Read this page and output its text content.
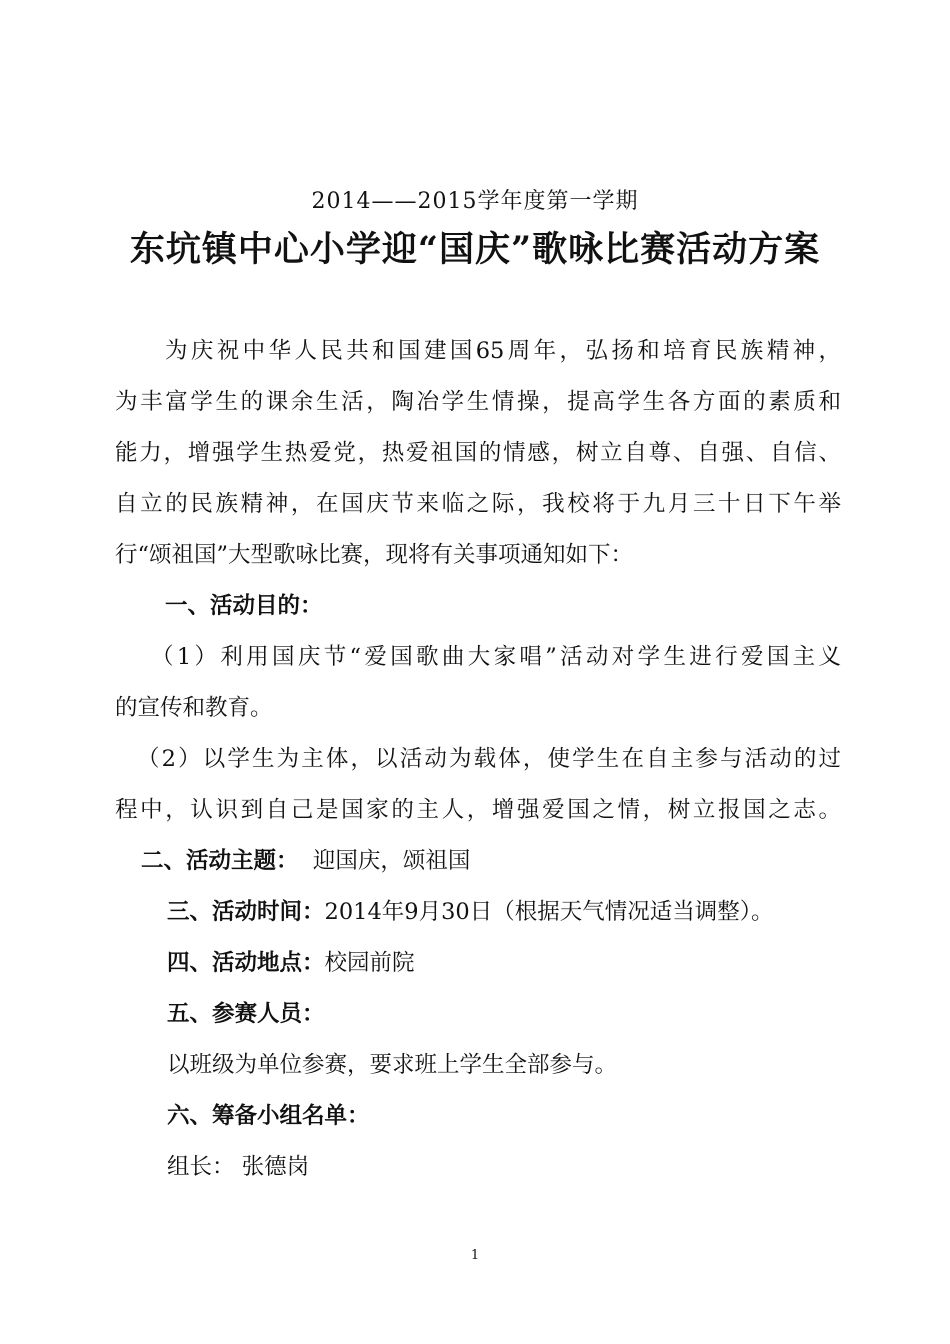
2014——2015学年度第一学期
东坑镇中心小学迎“国庆”歌咏比赛活动方案
为庆祝中华人民共和国建国65周年，弘扬和培育民族精神，
为丰富学生的课余生活，陶冶学生情操，提高学生各方面的素质和
能力，增强学生热爱党，热爱祖国的情感，树立自尊、自强、自信、
自立的民族精神，在国庆节来临之际，我校将于九月三十日下午举
行“颂祖国”大型歌咏比赛，现将有关事项通知如下：
一、活动目的：
（1）利用国庆节“爱国歌曲大家唱”活动对学生进行爱国主义
的宣传和教育。
（2）以学生为主体，以活动为载体，使学生在自主参与活动的过
程中，认识到自己是国家的主人，增强爱国之情，树立报国之志。
二、活动主题： 迎国庆，颂祖国
三、活动时间：2014年9月30日（根据天气情况适当调整）。
四、活动地点：校园前院
五、参赛人员：
以班级为单位参赛，要求班上学生全部参与。
六、筹备小组名单：
组长： 张德岗
1
